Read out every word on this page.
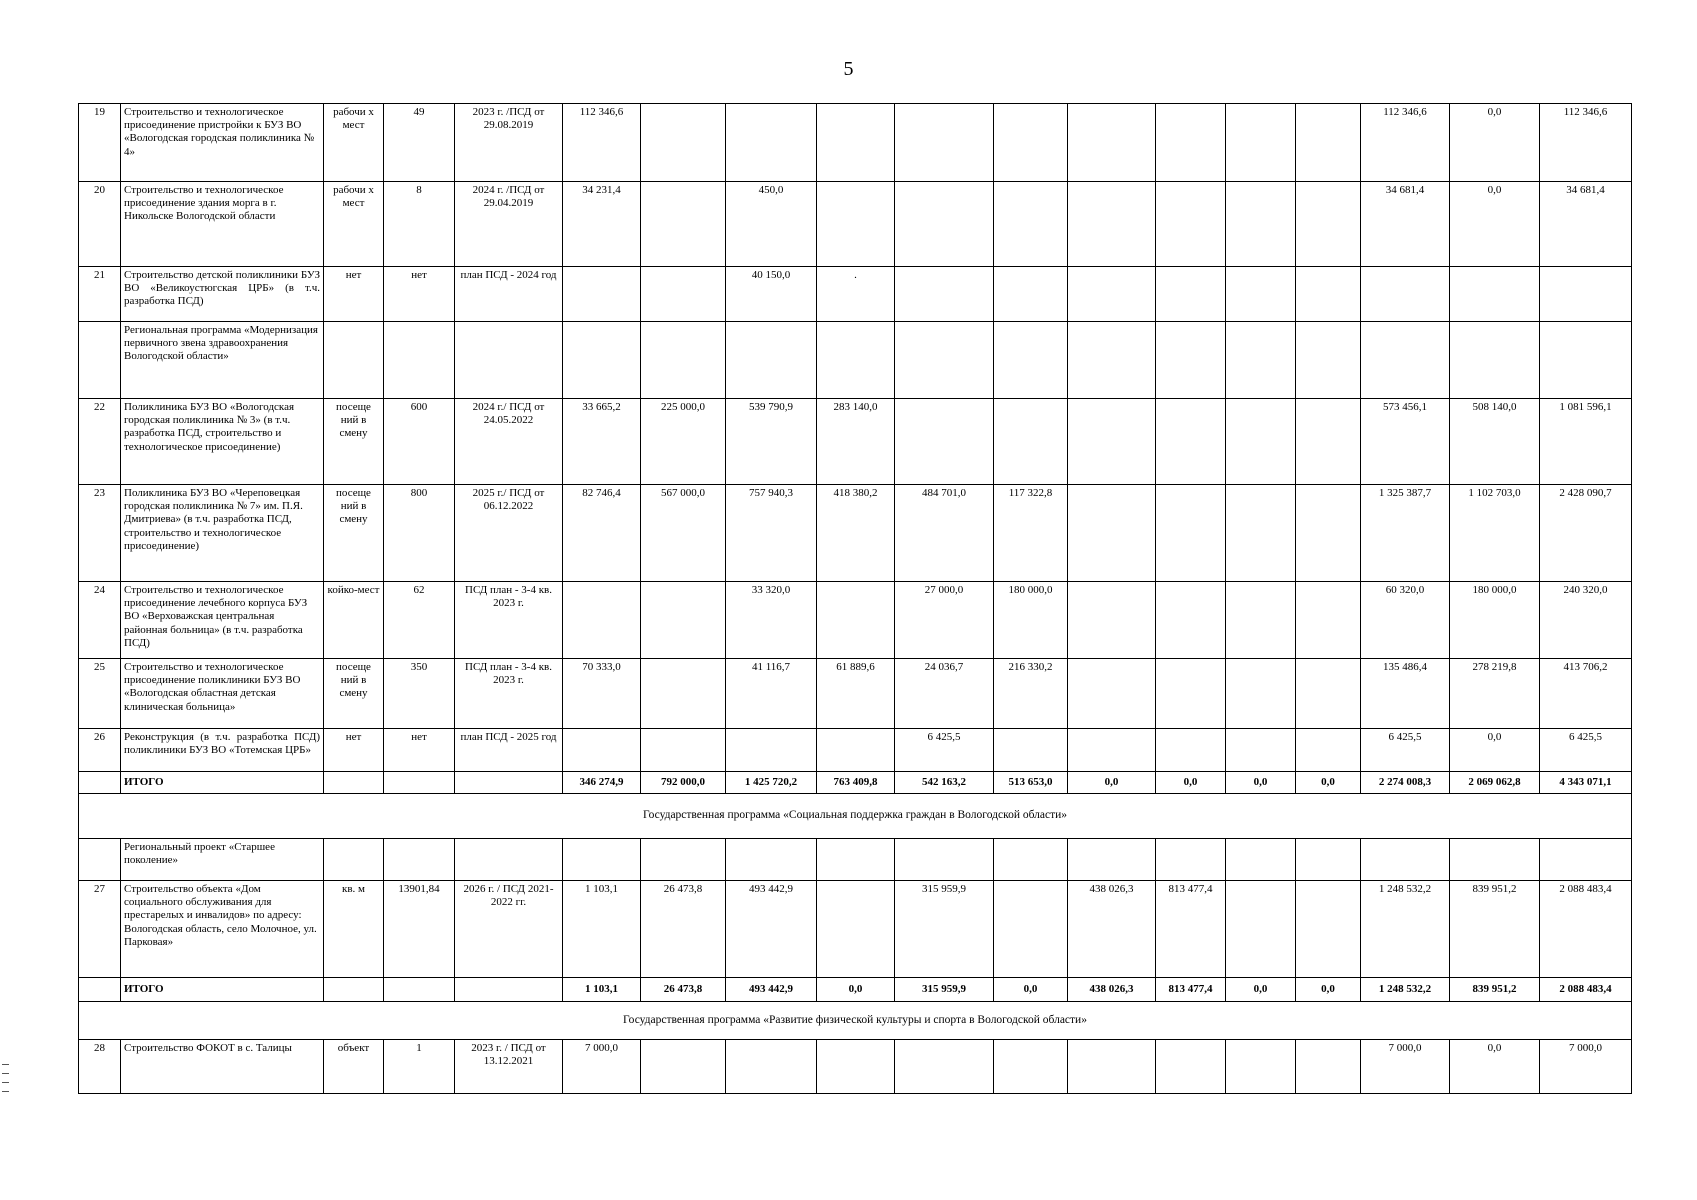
5
19	Строительство и технологическое присоединение пристройки к БУЗ ВО «Вологодская городская поликлиника № 4»	рабочи х мест	49	2023 г. /ПСД от 29.08.2019	112 346,6										112 346,6	0,0	112 346,6
20	Строительство и технологическое присоединение здания морга в г. Никольске Вологодской области	рабочи х мест	8	2024 г. /ПСД от 29.04.2019	34 231,4		450,0								34 681,4	0,0	34 681,4
21	Строительство детской поликлиники БУЗ ВО «Великоустюгская ЦРБ» (в т.ч. разработка ПСД)	нет	нет	план ПСД - 2024 год			40 150,0	.									
	Региональная программа «Модернизация первичного звена здравоохранения Вологодской области»																
22	Поликлиника БУЗ ВО «Вологодская городская поликлиника № 3» (в т.ч. разработка ПСД, строительство и технологическое присоединение)	посеще ний в смену	600	2024 г./ ПСД от 24.05.2022	33 665,2	225 000,0	539 790,9	283 140,0							573 456,1	508 140,0	1 081 596,1
23	Поликлиника БУЗ ВО «Череповецкая городская поликлиника № 7» им. П.Я. Дмитриева» (в т.ч. разработка ПСД, строительство и технологическое присоединение)	посеще ний в смену	800	2025 г./ ПСД от 06.12.2022	82 746,4	567 000,0	757 940,3	418 380,2	484 701,0	117 322,8					1 325 387,7	1 102 703,0	2 428 090,7
24	Строительство и технологическое присоединение лечебного корпуса БУЗ ВО «Верховажская центральная районная больница» (в т.ч. разработка ПСД)	койко-мест	62	ПСД план - 3-4 кв. 2023 г.			33 320,0		27 000,0	180 000,0					60 320,0	180 000,0	240 320,0
25	Строительство и технологическое присоединение поликлиники БУЗ ВО «Вологодская областная детская клиническая больница»	посеще ний в смену	350	ПСД план - 3-4 кв. 2023 г.	70 333,0		41 116,7	61 889,6	24 036,7	216 330,2					135 486,4	278 219,8	413 706,2
26	Реконструкция (в т.ч. разработка ПСД) поликлиники БУЗ ВО «Тотемская ЦРБ»	нет	нет	план ПСД - 2025 год					6 425,5						6 425,5	0,0	6 425,5
	ИТОГО				346 274,9	792 000,0	1 425 720,2	763 409,8	542 163,2	513 653,0	0,0	0,0	0,0	0,0	2 274 008,3	2 069 062,8	4 343 071,1
Государственная программа «Социальная поддержка граждан в Вологодской области»																	
	Региональный проект «Старшее поколение»																
27	Строительство объекта «Дом социального обслуживания для престарелых и инвалидов» по адресу: Вологодская область, село Молочное, ул. Парковая»	кв. м	13901,84	2026 г. / ПСД 2021-2022 гг.	1 103,1	26 473,8	493 442,9		315 959,9		438 026,3	813 477,4			1 248 532,2	839 951,2	2 088 483,4
	ИТОГО				1 103,1	26 473,8	493 442,9	0,0	315 959,9	0,0	438 026,3	813 477,4	0,0	0,0	1 248 532,2	839 951,2	2 088 483,4
Государственная программа «Развитие физической культуры и спорта в Вологодской области»																	
28	Строительство ФОКОТ в с. Талицы	объект	1	2023 г. / ПСД от 13.12.2021	7 000,0										7 000,0	0,0	7 000,0
